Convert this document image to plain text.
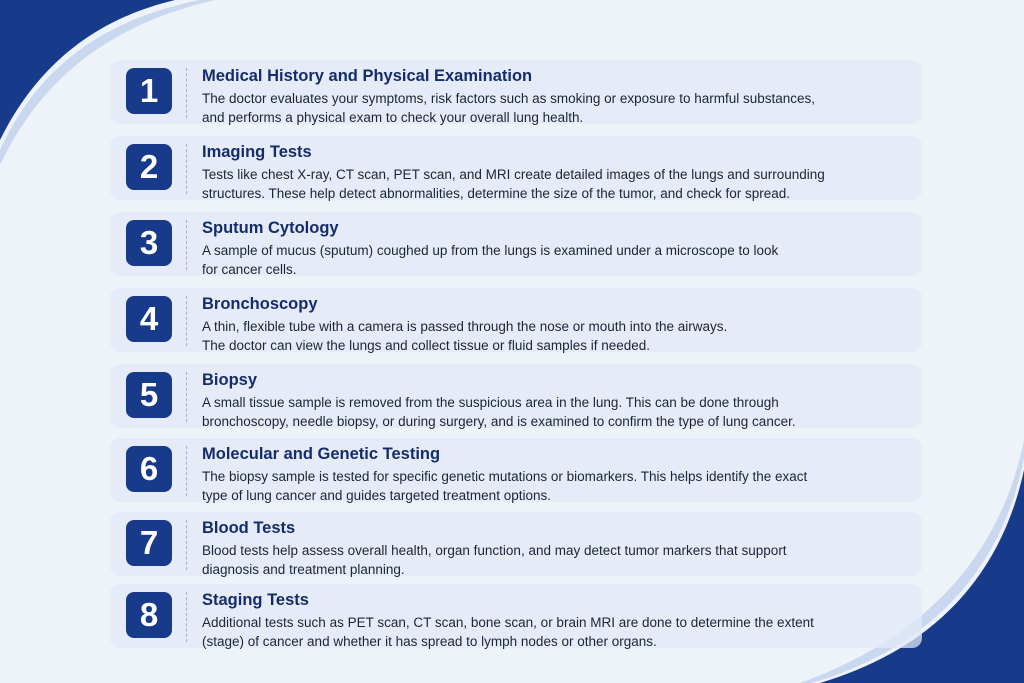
1	Medical History and Physical Examination
The doctor evaluates your symptoms, risk factors such as smoking or exposure to harmful substances,
and performs a physical exam to check your overall lung health.
2	Imaging Tests
Tests like chest X-ray, CT scan, PET scan, and MRI create detailed images of the lungs and surrounding
structures. These help detect abnormalities, determine the size of the tumor, and check for spread.
3	Sputum Cytology
A sample of mucus (sputum) coughed up from the lungs is examined under a microscope to look
for cancer cells.
4	Bronchoscopy
A thin, flexible tube with a camera is passed through the nose or mouth into the airways.
The doctor can view the lungs and collect tissue or fluid samples if needed.
5	Biopsy
A small tissue sample is removed from the suspicious area in the lung. This can be done through
bronchoscopy, needle biopsy, or during surgery, and is examined to confirm the type of lung cancer.
6	Molecular and Genetic Testing
The biopsy sample is tested for specific genetic mutations or biomarkers. This helps identify the exact
type of lung cancer and guides targeted treatment options.
7	Blood Tests
Blood tests help assess overall health, organ function, and may detect tumor markers that support
diagnosis and treatment planning.
8	Staging Tests
Additional tests such as PET scan, CT scan, bone scan, or brain MRI are done to determine the extent
(stage) of cancer and whether it has spread to lymph nodes or other organs.
